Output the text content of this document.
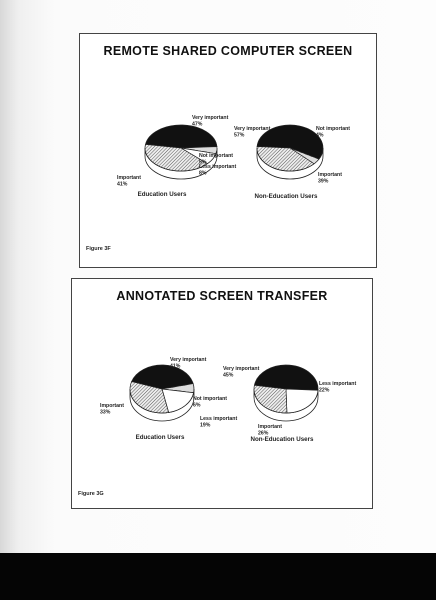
REMOTE SHARED COMPUTER SCREEN
Very important
47%
Not important
5%
Less important
8%
Important
41%
Education Users
Very important
57%
Not important
4%
Important
39%
Non-Education Users
Figure 3F
ANNOTATED SCREEN TRANSFER
Very important
41%
Not important
6%
Less important
19%
Important
33%
Education Users
Very important
45%
Less important
22%
Important
26%
Non-Education Users
Figure 3G
